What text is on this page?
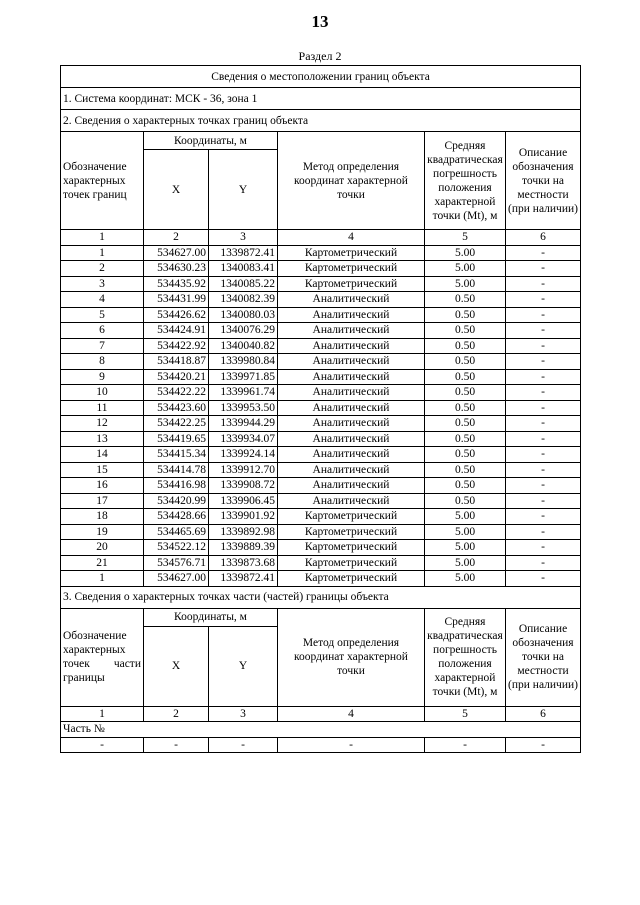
13
Раздел 2
Сведения о местоположении границ объекта					
1. Система координат: МСК - 36, зона 1					
2. Сведения о характерных точках границ объекта					
Обозначение характерных точек границ	Координаты, м		Метод определения координат характерной точки	Средняя квадратическая погрешность положения характерной точки (Mt), м	Описание обозначения точки на местности (при наличии)
	X	Y			
1	2	3	4	5	6
1	534627.00	1339872.41	Картометрический	5.00	-
2	534630.23	1340083.41	Картометрический	5.00	-
3	534435.92	1340085.22	Картометрический	5.00	-
4	534431.99	1340082.39	Аналитический	0.50	-
5	534426.62	1340080.03	Аналитический	0.50	-
6	534424.91	1340076.29	Аналитический	0.50	-
7	534422.92	1340040.82	Аналитический	0.50	-
8	534418.87	1339980.84	Аналитический	0.50	-
9	534420.21	1339971.85	Аналитический	0.50	-
10	534422.22	1339961.74	Аналитический	0.50	-
11	534423.60	1339953.50	Аналитический	0.50	-
12	534422.25	1339944.29	Аналитический	0.50	-
13	534419.65	1339934.07	Аналитический	0.50	-
14	534415.34	1339924.14	Аналитический	0.50	-
15	534414.78	1339912.70	Аналитический	0.50	-
16	534416.98	1339908.72	Аналитический	0.50	-
17	534420.99	1339906.45	Аналитический	0.50	-
18	534428.66	1339901.92	Картометрический	5.00	-
19	534465.69	1339892.98	Картометрический	5.00	-
20	534522.12	1339889.39	Картометрический	5.00	-
21	534576.71	1339873.68	Картометрический	5.00	-
1	534627.00	1339872.41	Картометрический	5.00	-
3. Сведения о характерных точках части (частей) границы объекта					
Обозначение характерных точек части границы	Координаты, м		Метод определения координат характерной точки	Средняя квадратическая погрешность положения характерной точки (Mt), м	Описание обозначения точки на местности (при наличии)
	X	Y			
1	2	3	4	5	6
Часть №					
-	-	-	-	-	-
